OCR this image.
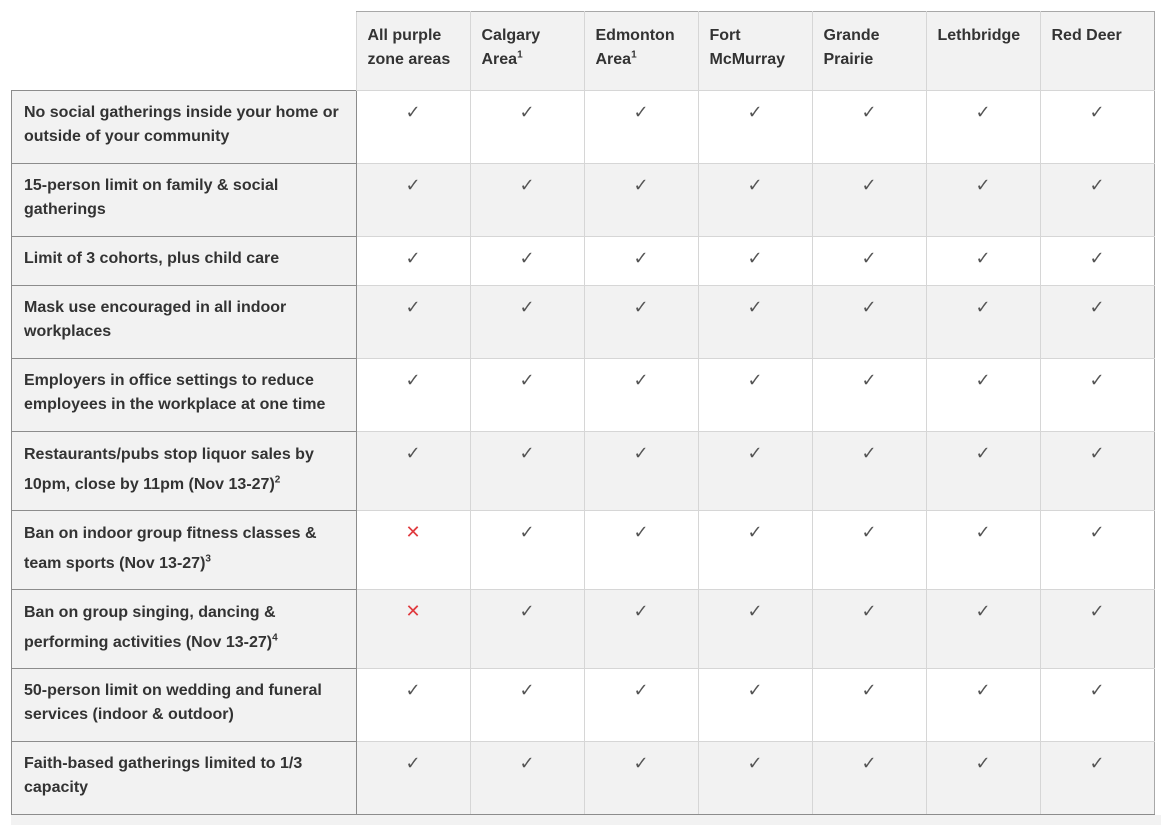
	All purple zone areas	Calgary Area$^1$	Edmonton Area$^1$	Fort McMurray	Grande Prairie	Lethbridge	Red Deer
No social gatherings inside your home or outside of your community	✓	✓	✓	✓	✓	✓	✓
15-person limit on family & social gatherings	✓	✓	✓	✓	✓	✓	✓
Limit of 3 cohorts, plus child care	✓	✓	✓	✓	✓	✓	✓
Mask use encouraged in all indoor workplaces	✓	✓	✓	✓	✓	✓	✓
Employers in office settings to reduce employees in the workplace at one time	✓	✓	✓	✓	✓	✓	✓
Restaurants/pubs stop liquor sales by 10pm, close by 11pm (Nov 13-27)$^2$	✓	✓	✓	✓	✓	✓	✓
Ban on indoor group fitness classes & team sports (Nov 13-27)$^3$	✕	✓	✓	✓	✓	✓	✓
Ban on group singing, dancing & performing activities (Nov 13-27)$^4$	✕	✓	✓	✓	✓	✓	✓
50-person limit on wedding and funeral services (indoor & outdoor)	✓	✓	✓	✓	✓	✓	✓
Faith-based gatherings limited to 1/3 capacity	✓	✓	✓	✓	✓	✓	✓
